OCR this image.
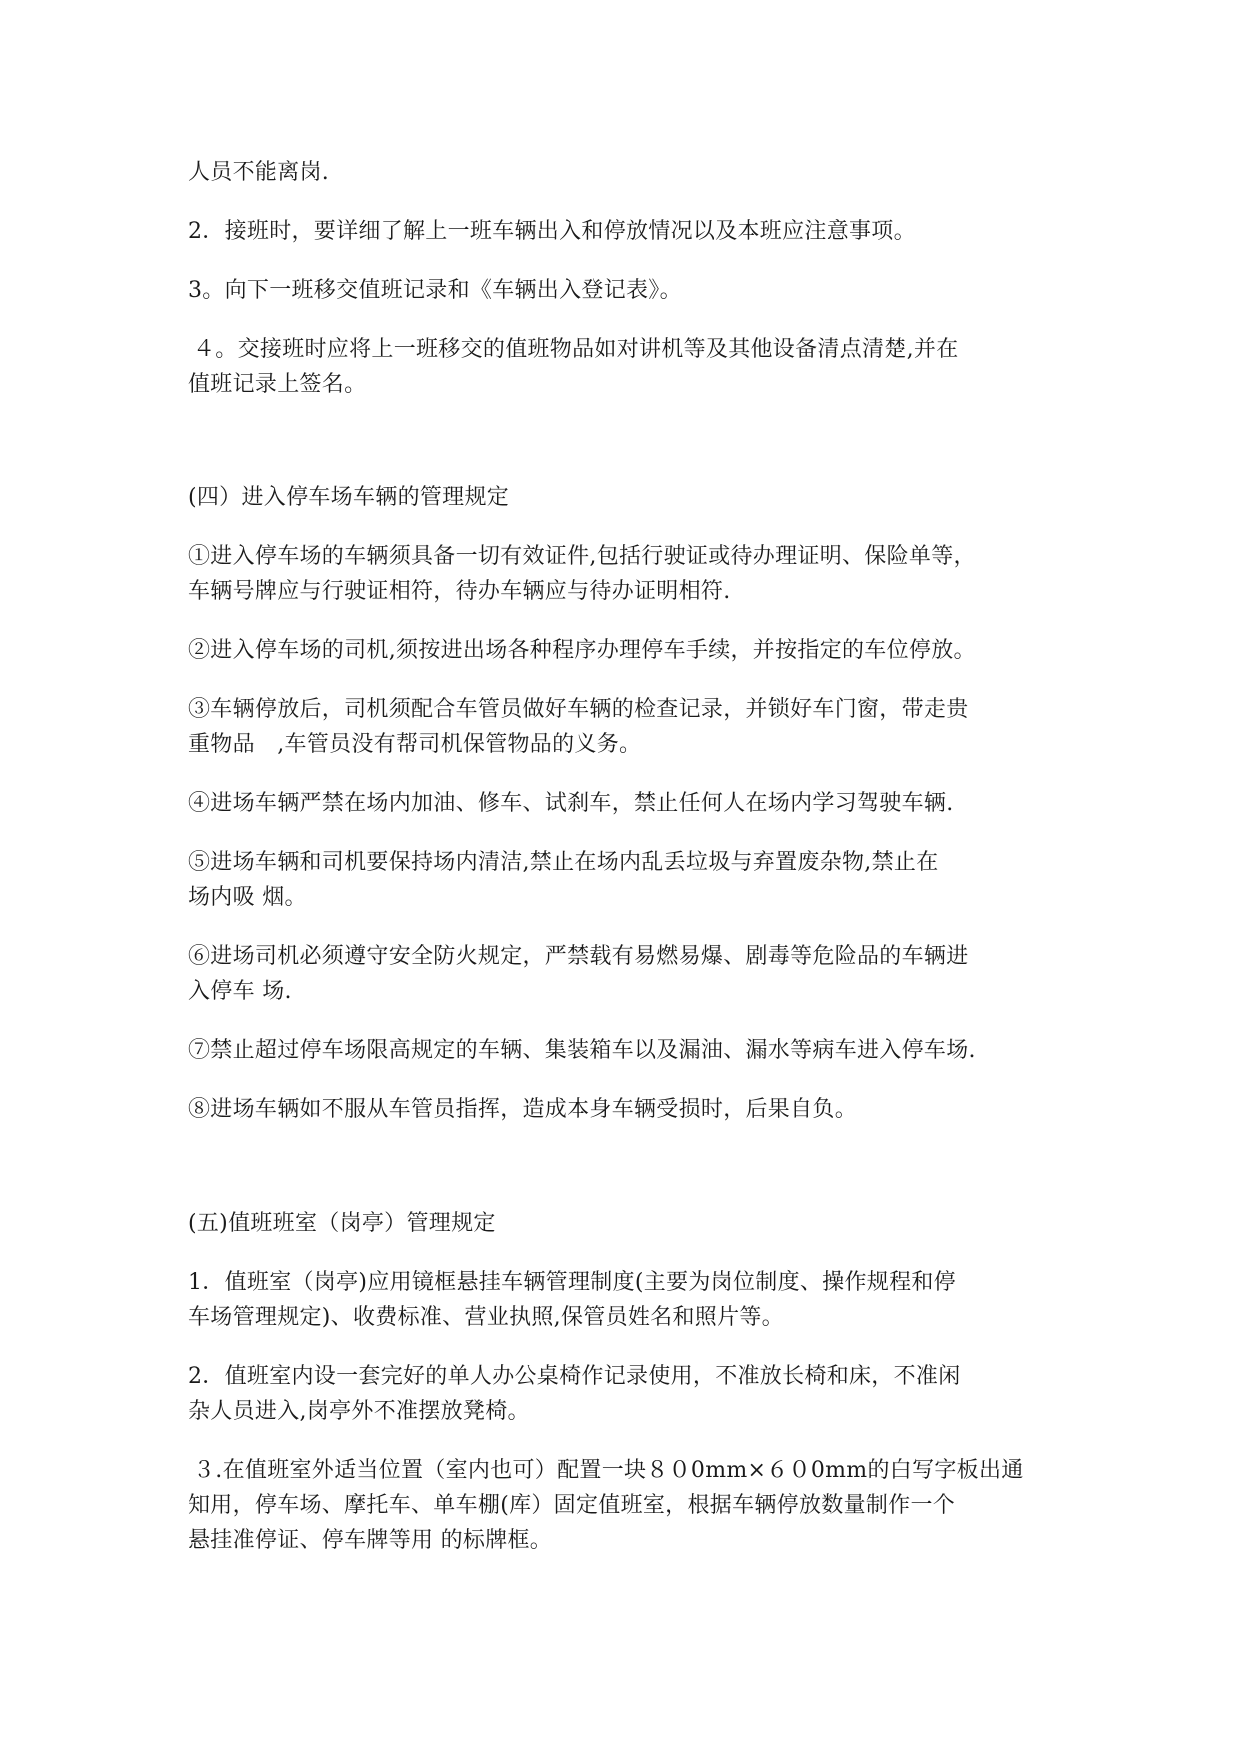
人员不能离岗.
2．接班时，要详细了解上一班车辆出入和停放情况以及本班应注意事项。
3。向下一班移交值班记录和《车辆出入登记表》。
４。交接班时应将上一班移交的值班物品如对讲机等及其他设备清点清楚,并在
值班记录上签名。
(四）进入停车场车辆的管理规定
①进入停车场的车辆须具备一切有效证件,包括行驶证或待办理证明、保险单等，
车辆号牌应与行驶证相符，待办车辆应与待办证明相符.
②进入停车场的司机,须按进出场各种程序办理停车手续，并按指定的车位停放。
③车辆停放后，司机须配合车管员做好车辆的检查记录，并锁好车门窗，带走贵
重物品　,车管员没有帮司机保管物品的义务。
④进场车辆严禁在场内加油、修车、试刹车，禁止任何人在场内学习驾驶车辆.
⑤进场车辆和司机要保持场内清洁,禁止在场内乱丢垃圾与弃置废杂物,禁止在
场内吸 烟。
⑥进场司机必须遵守安全防火规定，严禁载有易燃易爆、剧毒等危险品的车辆进
入停车 场.
⑦禁止超过停车场限高规定的车辆、集装箱车以及漏油、漏水等病车进入停车场.
⑧进场车辆如不服从车管员指挥，造成本身车辆受损时，后果自负。
(五)值班班室（岗亭）管理规定
1．值班室（岗亭)应用镜框悬挂车辆管理制度(主要为岗位制度、操作规程和停
车场管理规定)、收费标准、营业执照,保管员姓名和照片等。
2．值班室内设一套完好的单人办公桌椅作记录使用，不准放长椅和床，不准闲
杂人员进入,岗亭外不准摆放凳椅。
３.在值班室外适当位置（室内也可）配置一块８０0mm×６０0mm的白写字板出通
知用，停车场、摩托车、单车棚(库）固定值班室，根据车辆停放数量制作一个
悬挂准停证、停车牌等用 的标牌框。
